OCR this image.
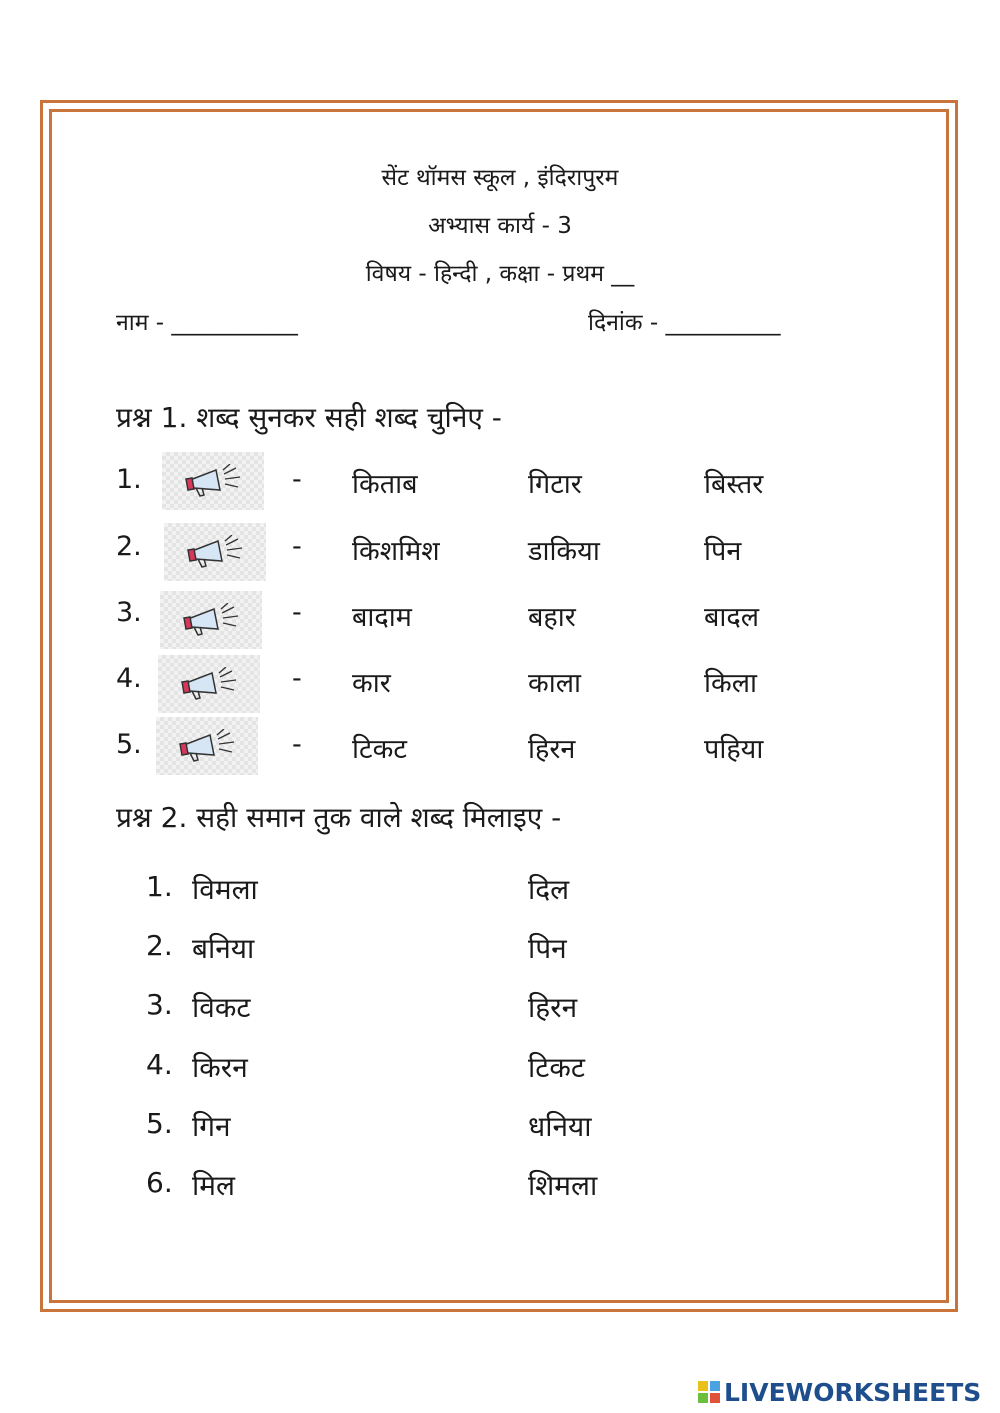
सेंट थॉमस स्कूल , इंदिरापुरम
अभ्यास कार्य - 3
विषय - हिन्दी , कक्षा - प्रथम __
नाम - ___________	दिनांक - __________
प्रश्न 1. शब्द सुनकर सही शब्द चुनिए -
1.	- किताब	गिटार	बिस्तर
2.	- किशमिश	डाकिया	पिन
3.	- बादाम	बहार	बादल
4.	- कार	काला	किला
5.	- टिकट	हिरन	पहिया
प्रश्न 2. सही समान तुक वाले शब्द मिलाइए -
1. विमला	दिल
2. बनिया	पिन
3. विकट	हिरन
4. किरन	टिकट
5. गिन	धनिया
6. मिल	शिमला
LIVEWORKSHEETS
